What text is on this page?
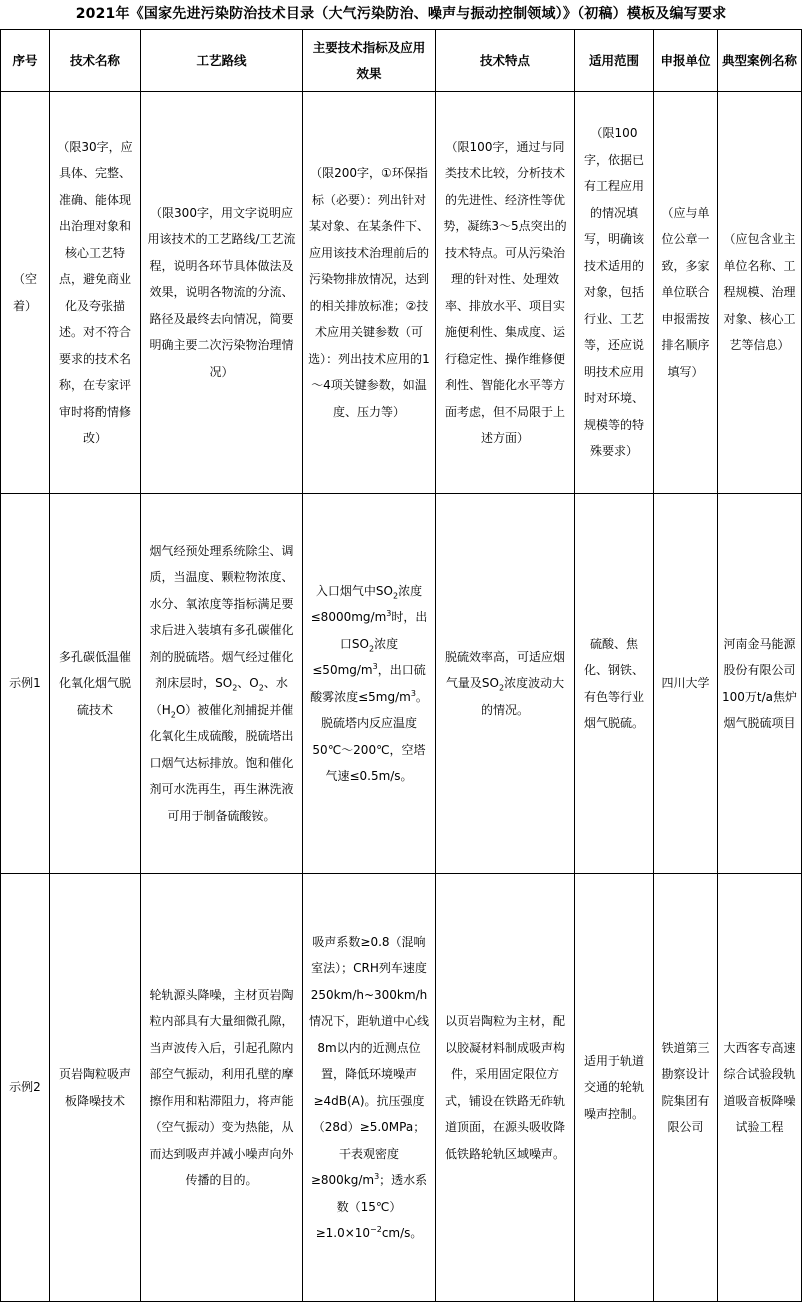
2021年《国家先进污染防治技术目录（大气污染防治、噪声与振动控制领域）》（初稿）模板及编写要求
序号	技术名称	工艺路线	主要技术指标及应用效果	技术特点	适用范围	申报单位	典型案例名称
（空着）	（限30字，应具体、完整、准确、能体现出治理对象和核心工艺特点，避免商业化及夸张描述。对不符合要求的技术名称，在专家评审时将酌情修改）	（限300字，用文字说明应用该技术的工艺路线/工艺流程，说明各环节具体做法及效果，说明各物流的分流、路径及最终去向情况，简要明确主要二次污染物治理情况）	（限200字，①环保指标（必要）：列出针对某对象、在某条件下、应用该技术治理前后的污染物排放情况，达到的相关排放标准；②技术应用关键参数（可选）：列出技术应用的1～4项关键参数，如温度、压力等）	（限100字，通过与同类技术比较，分析技术的先进性、经济性等优势，凝练3～5点突出的技术特点。可从污染治理的针对性、处理效率、排放水平、项目实施便利性、集成度、运行稳定性、操作维修便利性、智能化水平等方面考虑，但不局限于上述方面）	（限100字，依据已有工程应用的情况填写，明确该技术适用的对象，包括行业、工艺等，还应说明技术应用时对环境、规模等的特殊要求）	（应与单位公章一致，多家单位联合申报需按排名顺序填写）	（应包含业主单位名称、工程规模、治理对象、核心工艺等信息）
示例1	多孔碳低温催化氧化烟气脱硫技术	烟气经预处理系统除尘、调质，当温度、颗粒物浓度、水分、氧浓度等指标满足要求后进入装填有多孔碳催化剂的脱硫塔。烟气经过催化剂床层时，$SO_2$、$O_2$、水$(H_2O)$被催化剂捕捉并催化氧化生成硫酸，脱硫塔出口烟气达标排放。饱和催化剂可水洗再生，再生淋洗液可用于制备硫酸铵。	入口烟气中$SO_2$浓度$\le 8000mg/m^3$时，出口$SO_2$浓度$\le 50mg/m^3$，出口硫酸雾浓度$\le 5mg/m^3$。脱硫塔内反应温度50℃～200℃，空塔气速≤0.5m/s。	脱硫效率高，可适应烟气量及$SO_2$浓度波动大的情况。	硫酸、焦化、钢铁、有色等行业烟气脱硫。	四川大学	河南金马能源股份有限公司100万t/a焦炉烟气脱硫项目
示例2	页岩陶粒吸声板降噪技术	轮轨源头降噪，主材页岩陶粒内部具有大量细微孔隙，当声波传入后，引起孔隙内部空气振动，利用孔壁的摩擦作用和粘滞阻力，将声能（空气振动）变为热能，从而达到吸声并减小噪声向外传播的目的。	吸声系数≥0.8（混响室法）；CRH列车速度250km/h~300km/h情况下，距轨道中心线8m以内的近测点位置，降低环境噪声≥4dB(A)。抗压强度（28d）≥5.0MPa；干表观密度$\ge 800kg/m^3$；透水系数$(15℃)\ge 1.0\times 10^{-2}cm/s$。	以页岩陶粒为主材，配以胶凝材料制成吸声构件，采用固定限位方式，铺设在铁路无砟轨道顶面，在源头吸收降低铁路轮轨区域噪声。	适用于轨道交通的轮轨噪声控制。	铁道第三勘察设计院集团有限公司	大西客专高速综合试验段轨道吸音板降噪试验工程
